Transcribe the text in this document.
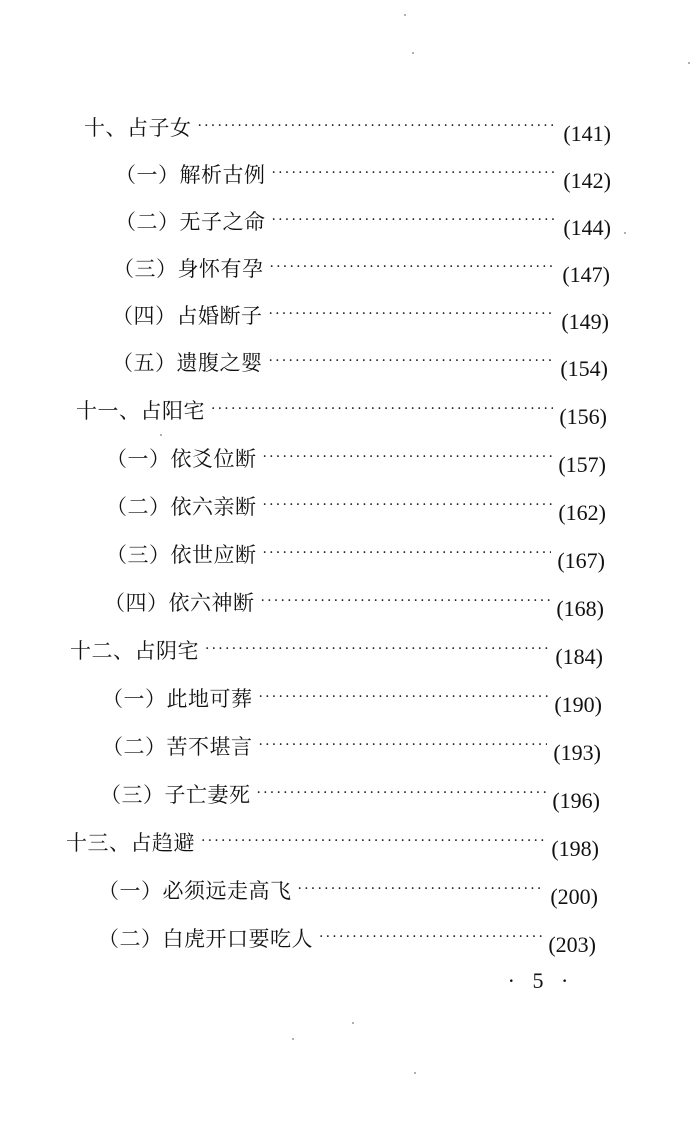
十、占子女 ·····	(141)
（一）解析古例 ·····	(142)
（二）无子之命 ·····	(144)
（三）身怀有孕 ·····	(147)
（四）占婚断子 ·····	(149)
（五）遗腹之婴 ·····	(154)
十一、占阳宅 ·····	(156)
（一）依爻位断 ·····	(157)
（二）依六亲断 ·····	(162)
（三）依世应断 ·····	(167)
（四）依六神断 ·····	(168)
十二、占阴宅 ·····	(184)
（一）此地可葬 ·····	(190)
（二）苦不堪言 ·····	(193)
（三）子亡妻死 ·····	(196)
十三、占趋避 ·····	(198)
（一）必须远走高飞 ·····	(200)
（二）白虎开口要吃人 ·····	(203)
· 5 ·
